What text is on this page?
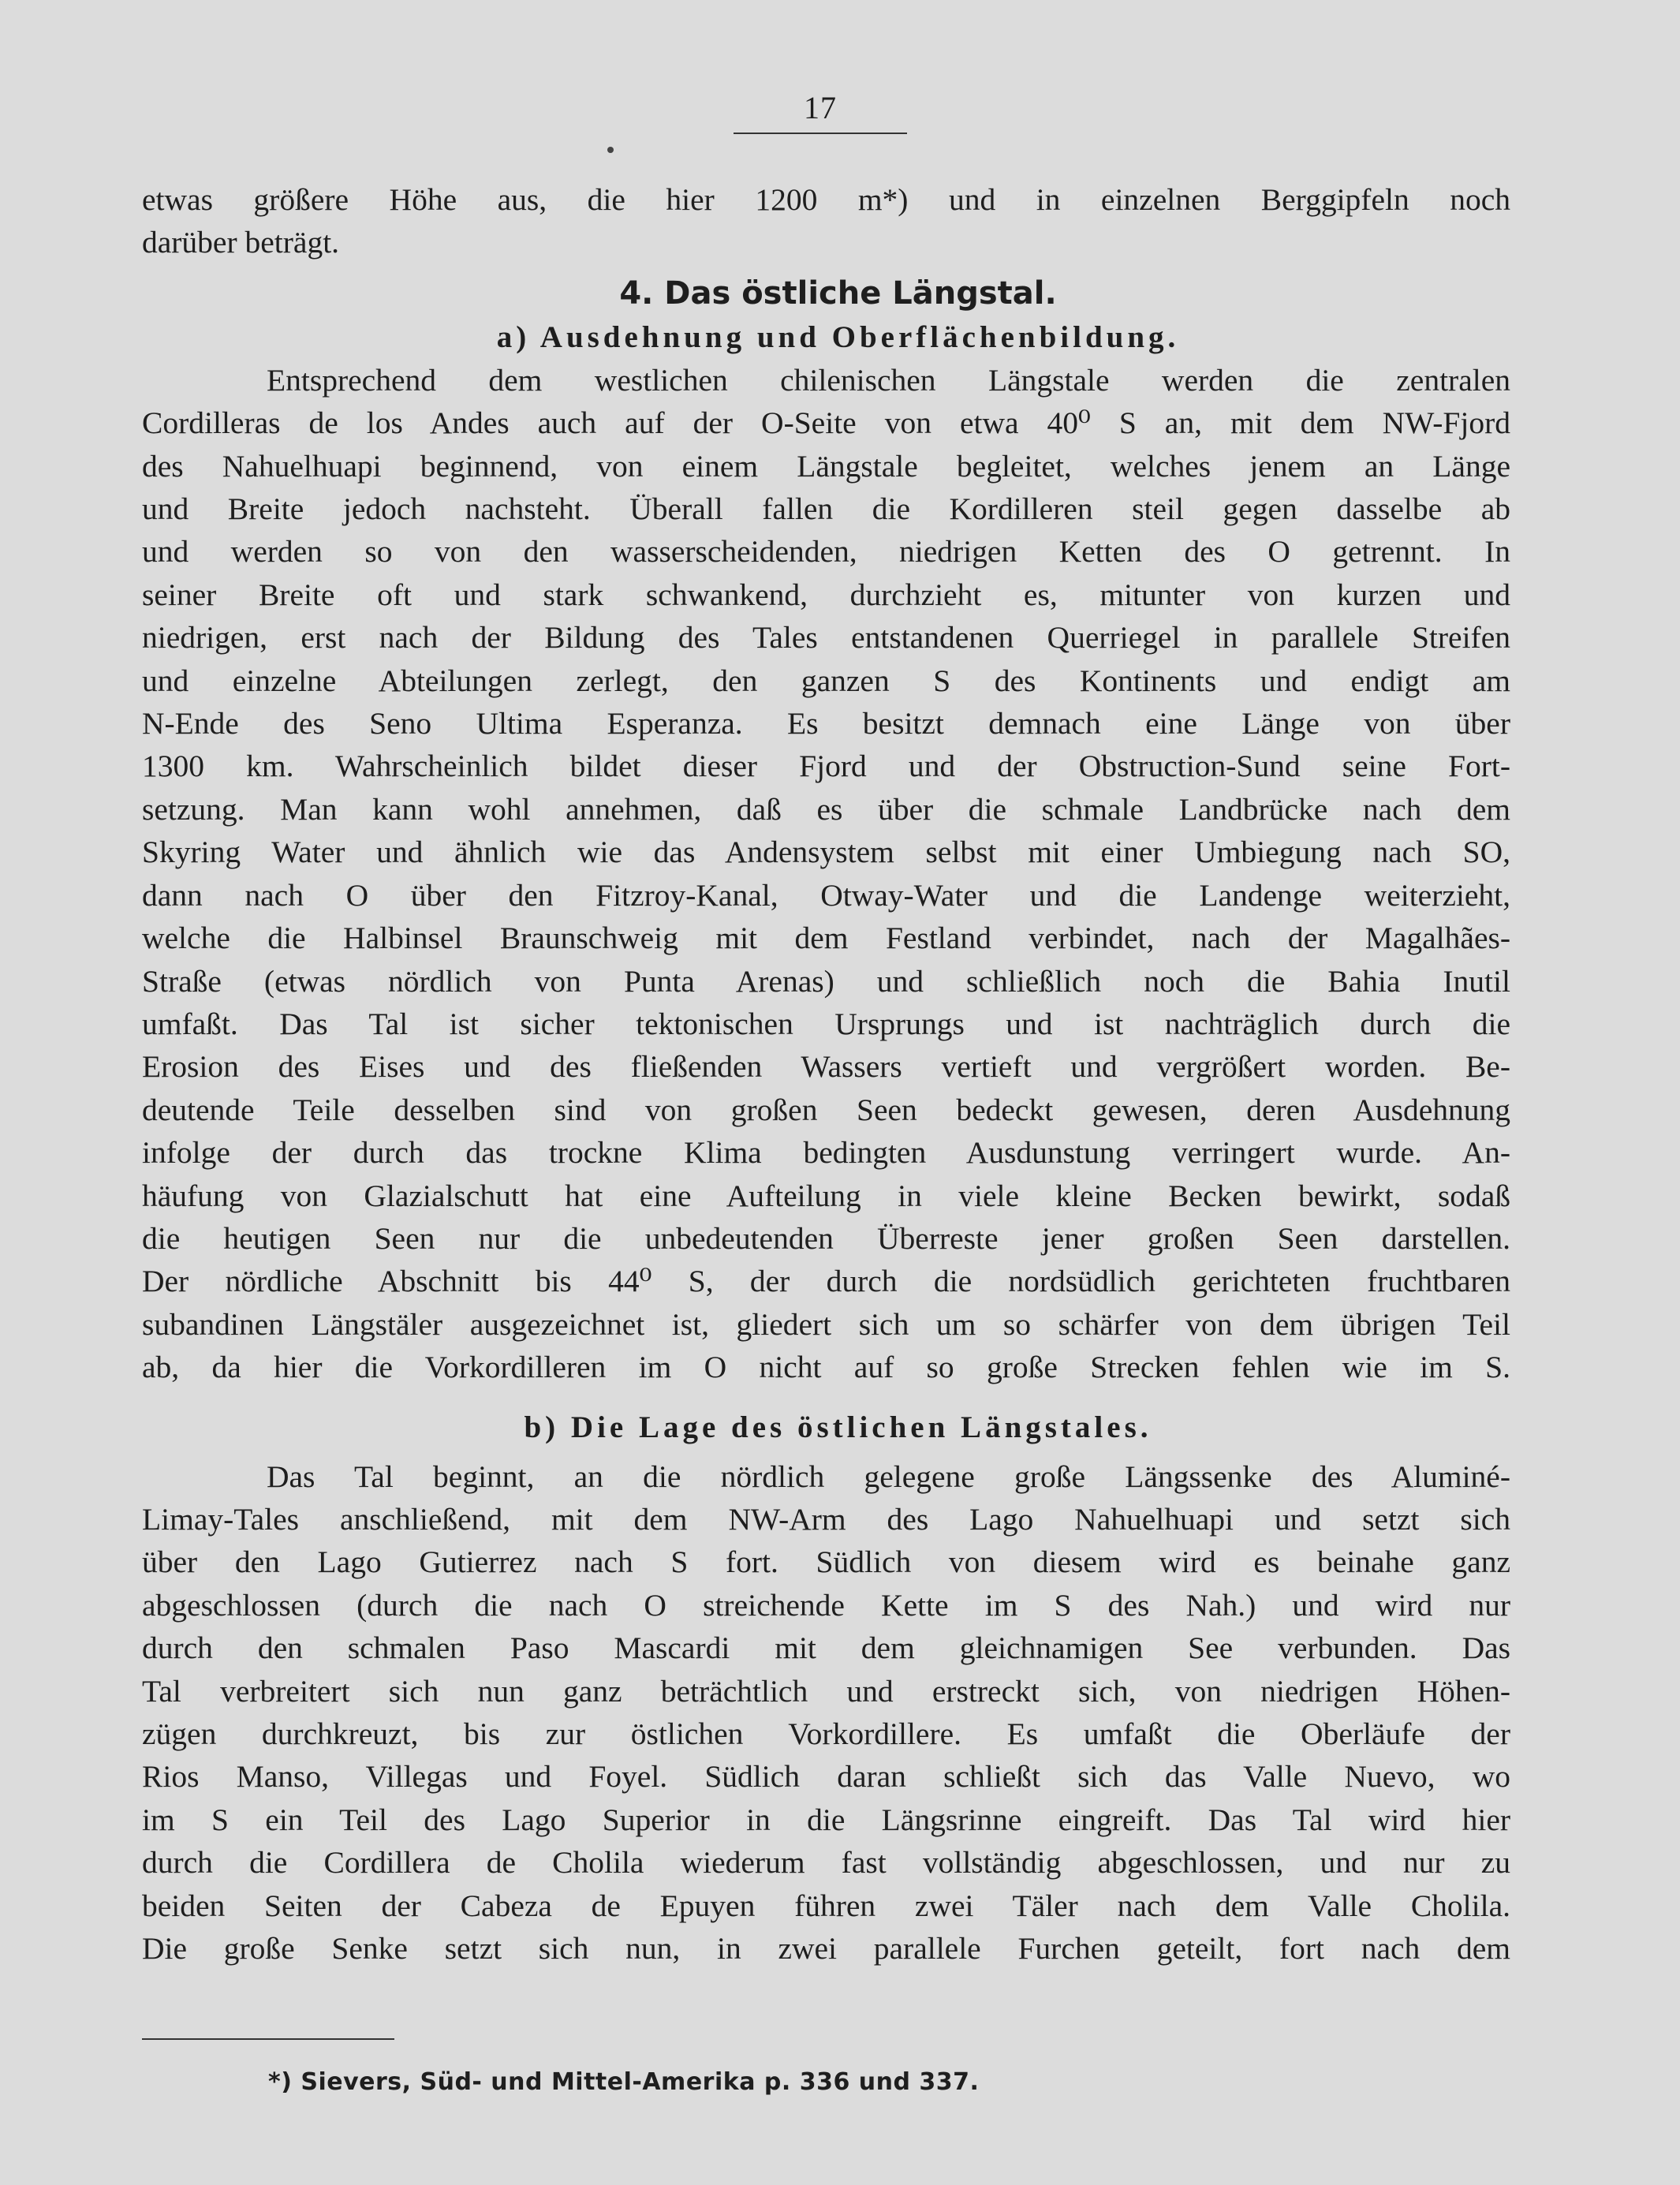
17
etwas größere Höhe aus, die hier 1200 m*) und in einzelnen Berggipfeln noch
darüber beträgt.
4. Das östliche Längstal.
a) Ausdehnung und Oberflächenbildung.
Entsprechend dem westlichen chilenischen Längstale werden die zentralen
Cordilleras de los Andes auch auf der O-Seite von etwa 40⁰ S an, mit dem NW-Fjord
des Nahuelhuapi beginnend, von einem Längstale begleitet, welches jenem an Länge
und Breite jedoch nachsteht. Überall fallen die Kordilleren steil gegen dasselbe ab
und werden so von den wasserscheidenden, niedrigen Ketten des O getrennt. In
seiner Breite oft und stark schwankend, durchzieht es, mitunter von kurzen und
niedrigen, erst nach der Bildung des Tales entstandenen Querriegel in parallele Streifen
und einzelne Abteilungen zerlegt, den ganzen S des Kontinents und endigt am
N-Ende des Seno Ultima Esperanza. Es besitzt demnach eine Länge von über
1300 km. Wahrscheinlich bildet dieser Fjord und der Obstruction-Sund seine Fort-
setzung. Man kann wohl annehmen, daß es über die schmale Landbrücke nach dem
Skyring Water und ähnlich wie das Andensystem selbst mit einer Umbiegung nach SO,
dann nach O über den Fitzroy-Kanal, Otway-Water und die Landenge weiterzieht,
welche die Halbinsel Braunschweig mit dem Festland verbindet, nach der Magalhães-
Straße (etwas nördlich von Punta Arenas) und schließlich noch die Bahia Inutil
umfaßt. Das Tal ist sicher tektonischen Ursprungs und ist nachträglich durch die
Erosion des Eises und des fließenden Wassers vertieft und vergrößert worden. Be-
deutende Teile desselben sind von großen Seen bedeckt gewesen, deren Ausdehnung
infolge der durch das trockne Klima bedingten Ausdunstung verringert wurde. An-
häufung von Glazialschutt hat eine Aufteilung in viele kleine Becken bewirkt, sodaß
die heutigen Seen nur die unbedeutenden Überreste jener großen Seen darstellen.
Der nördliche Abschnitt bis 44⁰ S, der durch die nordsüdlich gerichteten fruchtbaren
subandinen Längstäler ausgezeichnet ist, gliedert sich um so schärfer von dem übrigen Teil
ab, da hier die Vorkordilleren im O nicht auf so große Strecken fehlen wie im S.
b) Die Lage des östlichen Längstales.
Das Tal beginnt, an die nördlich gelegene große Längssenke des Aluminé-
Limay-Tales anschließend, mit dem NW-Arm des Lago Nahuelhuapi und setzt sich
über den Lago Gutierrez nach S fort. Südlich von diesem wird es beinahe ganz
abgeschlossen (durch die nach O streichende Kette im S des Nah.) und wird nur
durch den schmalen Paso Mascardi mit dem gleichnamigen See verbunden. Das
Tal verbreitert sich nun ganz beträchtlich und erstreckt sich, von niedrigen Höhen-
zügen durchkreuzt, bis zur östlichen Vorkordillere. Es umfaßt die Oberläufe der
Rios Manso, Villegas und Foyel. Südlich daran schließt sich das Valle Nuevo, wo
im S ein Teil des Lago Superior in die Längsrinne eingreift. Das Tal wird hier
durch die Cordillera de Cholila wiederum fast vollständig abgeschlossen, und nur zu
beiden Seiten der Cabeza de Epuyen führen zwei Täler nach dem Valle Cholila.
Die große Senke setzt sich nun, in zwei parallele Furchen geteilt, fort nach dem
*) Sievers, Süd- und Mittel-Amerika p. 336 und 337.
